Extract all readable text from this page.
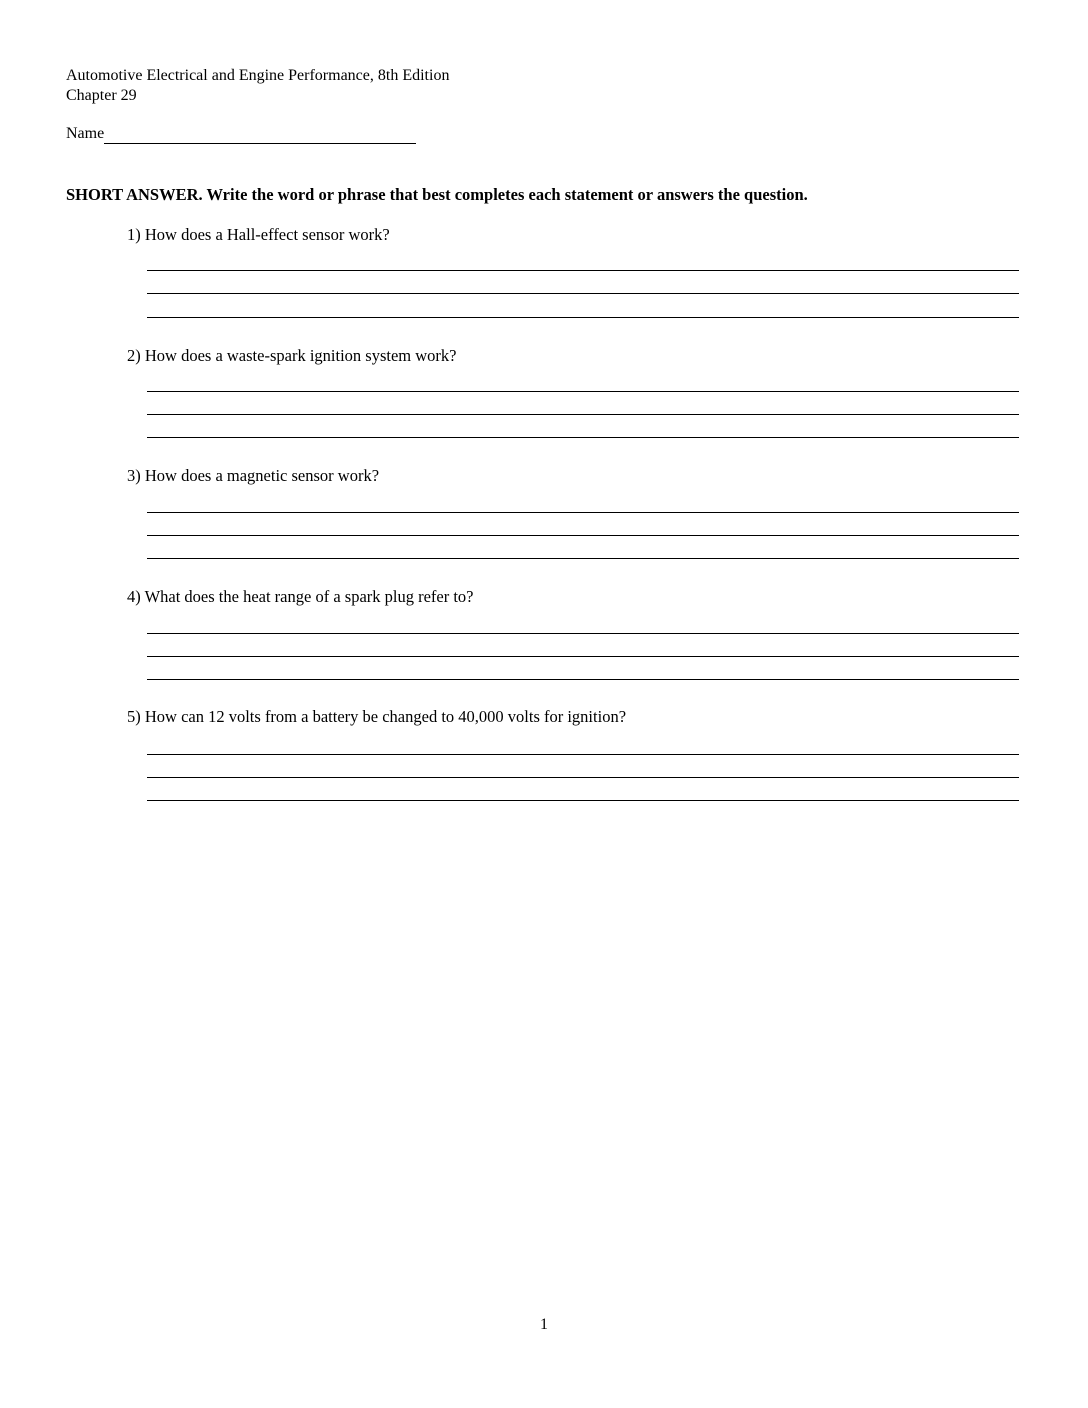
Automotive Electrical and Engine Performance, 8th Edition
Chapter 29
Name
SHORT ANSWER. Write the word or phrase that best completes each statement or answers the question.
1) How does a Hall-effect sensor work?
2) How does a waste-spark ignition system work?
3) How does a magnetic sensor work?
4) What does the heat range of a spark plug refer to?
5) How can 12 volts from a battery be changed to 40,000 volts for ignition?
1
